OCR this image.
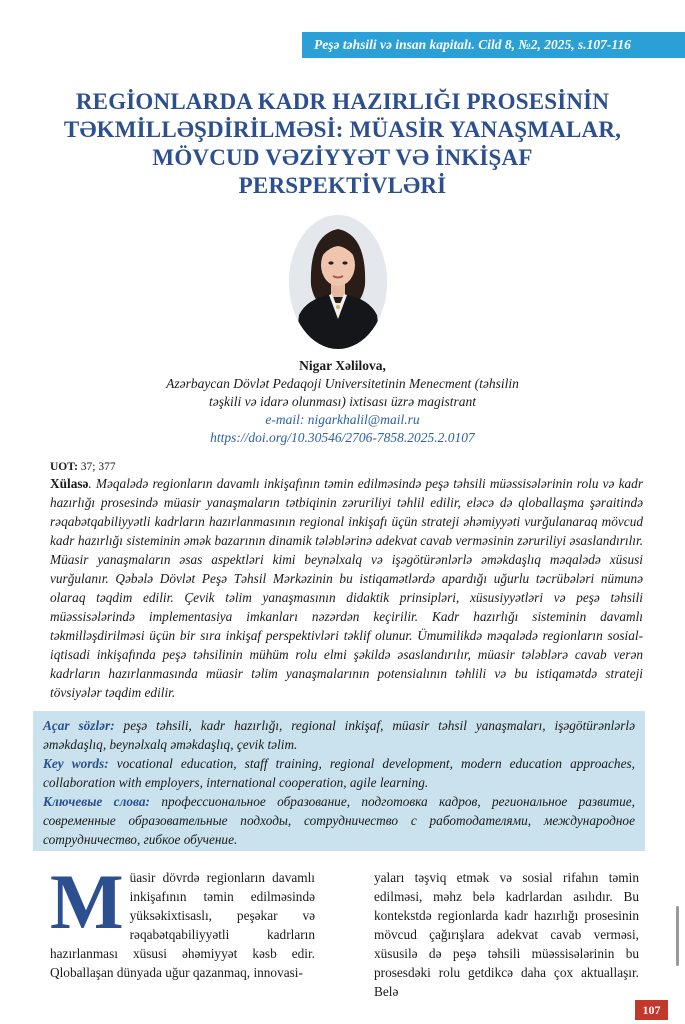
Peşə təhsili və insan kapitalı. Cild 8, №2, 2025, s.107-116
REGİONLARDA KADR HAZIRLIĞI PROSESİNİN
TƏKMİLLƏŞDİRİLMƏSİ: MÜASİR YANAŞMALAR,
MÖVCUD VƏZİYYƏT VƏ İNKİŞAF
PERSPEKTİVLƏRİ
Nigar Xəlilova,
Azərbaycan Dövlət Pedaqoji Universitetinin Menecment (təhsilin
təşkili və idarə olunması) ixtisası üzrə magistrant
e-mail: nigarkhalil@mail.ru
https://doi.org/10.30546/2706-7858.2025.2.0107
UOT: 37; 377
Xülasə. Məqalədə regionların davamlı inkişafının təmin edilməsində peşə təhsili müəssisələrinin rolu və kadr hazırlığı prosesində müasir yanaşmaların tətbiqinin zəruriliyi təhlil edilir, eləcə də qloballaşma şəraitində rəqabətqabiliyyətli kadrların hazırlanmasının regional inkişafı üçün strateji əhəmiyyəti vurğulanaraq mövcud kadr hazırlığı sisteminin əmək bazarının dinamik tələblərinə adekvat cavab verməsinin zəruriliyi əsaslandırılır. Müasir yanaşmaların əsas aspektləri kimi beynəlxalq və işəgötürənlərlə əməkdaşlıq məqalədə xüsusi vurğulanır. Qəbələ Dövlət Peşə Təhsil Mərkəzinin bu istiqamətlərdə apardığı uğurlu təcrübələri nümunə olaraq təqdim edilir. Çevik təlim yanaşmasının didaktik prinsipləri, xüsusiyyətləri və peşə təhsili müəssisələrində implementasiya imkanları nəzərdən keçirilir. Kadr hazırlığı sisteminin davamlı təkmilləşdirilməsi üçün bir sıra inkişaf perspektivləri təklif olunur. Ümumilikdə məqalədə regionların sosial-iqtisadi inkişafında peşə təhsilinin mühüm rolu elmi şəkildə əsaslandırılır, müasir tələblərə cavab verən kadrların hazırlanmasında müasir təlim yanaşmalarının potensialının təhlili və bu istiqamətdə strateji tövsiyələr təqdim edilir.
Açar sözlər: peşə təhsili, kadr hazırlığı, regional inkişaf, müasir təhsil yanaşmaları, işəgötürənlərlə əməkdaşlıq, beynəlxalq əməkdaşlıq, çevik təlim.
Key words: vocational education, staff training, regional development, modern education approaches, collaboration with employers, international cooperation, agile learning.
Ключевые слова: профессиональное образование, подготовка кадров, региональное развитие, современные образовательные подходы, сотрудничество с работодателями, международное сотрудничество, гибкое обучение.
Müasir dövrdə regionların davamlı inkişafının təmin edilməsində yüksəkixtisaslı, peşəkar və rəqabətqabiliyyətli kadrların hazırlanması xüsusi əhəmiyyət kəsb edir. Qloballaşan dünyada uğur qazanmaq, innovasi-
yaları təşviq etmək və sosial rifahın təmin edilməsi, məhz belə kadrlardan asılıdır. Bu kontekstdə regionlarda kadr hazırlığı prosesinin mövcud çağırışlara adekvat cavab verməsi, xüsusilə də peşə təhsili müəssisələrinin bu prosesdəki rolu getdikcə daha çox aktuallaşır. Belə
107
